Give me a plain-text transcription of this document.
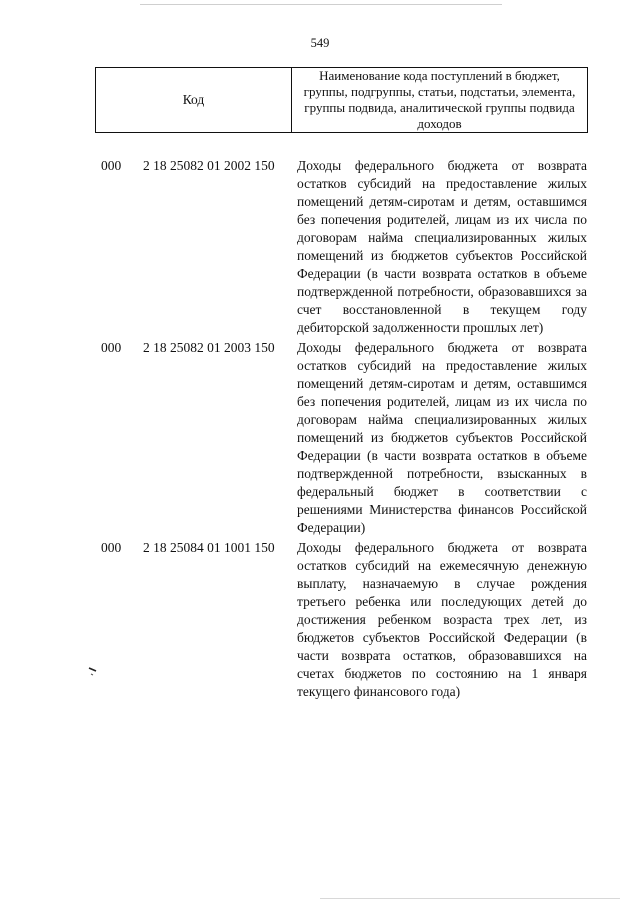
549
Код
Наименование кода поступлений в бюджет, группы, подгруппы, статьи, подстатьи, элемента, группы подвида, аналитической группы подвида доходов
000 2 18 25082 01 2002 150 Доходы федерального бюджета от возврата остатков субсидий на предоставление жилых помещений детям-сиротам и детям, оставшимся без попечения родителей, лицам из их числа по договорам найма специализированных жилых помещений из бюджетов субъектов Российской Федерации (в части возврата остатков в объеме подтвержденной потребности, образовавшихся за счет восстановленной в текущем году дебиторской задолженности прошлых лет)
000 2 18 25082 01 2003 150 Доходы федерального бюджета от возврата остатков субсидий на предоставление жилых помещений детям-сиротам и детям, оставшимся без попечения родителей, лицам из их числа по договорам найма специализированных жилых помещений из бюджетов субъектов Российской Федерации (в части возврата остатков в объеме подтвержденной потребности, взысканных в федеральный бюджет в соответствии с решениями Министерства финансов Российской Федерации)
000 2 18 25084 01 1001 150 Доходы федерального бюджета от возврата остатков субсидий на ежемесячную денежную выплату, назначаемую в случае рождения третьего ребенка или последующих детей до достижения ребенком возраста трех лет, из бюджетов субъектов Российской Федерации (в части возврата остатков, образовавшихся на счетах бюджетов по состоянию на 1 января текущего финансового года)
